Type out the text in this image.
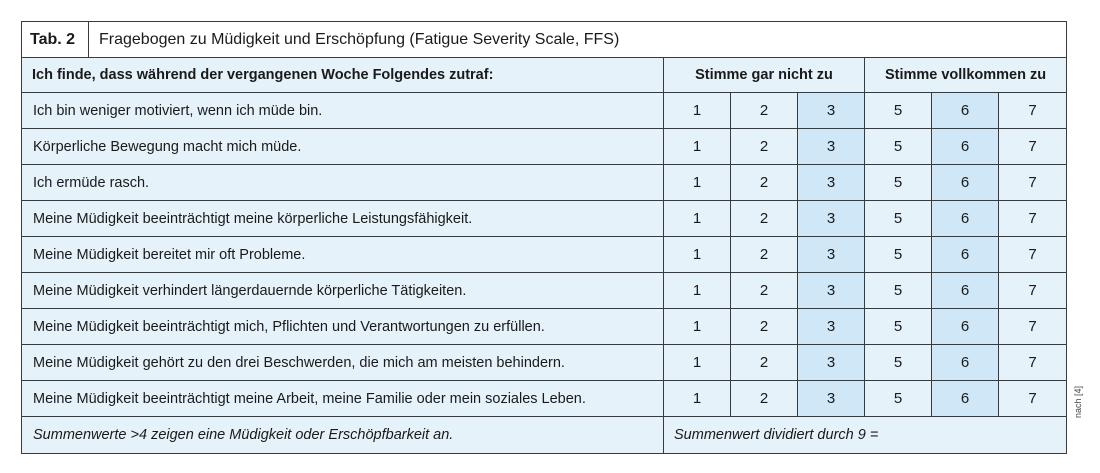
Tab. 2	Fragebogen zu Müdigkeit und Erschöpfung (Fatigue Severity Scale, FFS)						
Ich finde, dass während der vergangenen Woche Folgendes zutraf:		Stimme gar nicht zu			Stimme vollkommen zu		
Ich bin weniger motiviert, wenn ich müde bin.		1	2	3	5	6	7
Körperliche Bewegung macht mich müde.		1	2	3	5	6	7
Ich ermüde rasch.		1	2	3	5	6	7
Meine Müdigkeit beeinträchtigt meine körperliche Leistungsfähigkeit.		1	2	3	5	6	7
Meine Müdigkeit bereitet mir oft Probleme.		1	2	3	5	6	7
Meine Müdigkeit verhindert längerdauernde körperliche Tätigkeiten.		1	2	3	5	6	7
Meine Müdigkeit beeinträchtigt mich, Pflichten und Verantwortungen zu erfüllen.		1	2	3	5	6	7
Meine Müdigkeit gehört zu den drei Beschwerden, die mich am meisten behindern.		1	2	3	5	6	7
Meine Müdigkeit beeinträchtigt meine Arbeit, meine Familie oder mein soziales Leben.		1	2	3	5	6	7
Summenwerte >4 zeigen eine Müdigkeit oder Erschöpfbarkeit an.		Summenwert dividiert durch 9 =					
nach [4]
